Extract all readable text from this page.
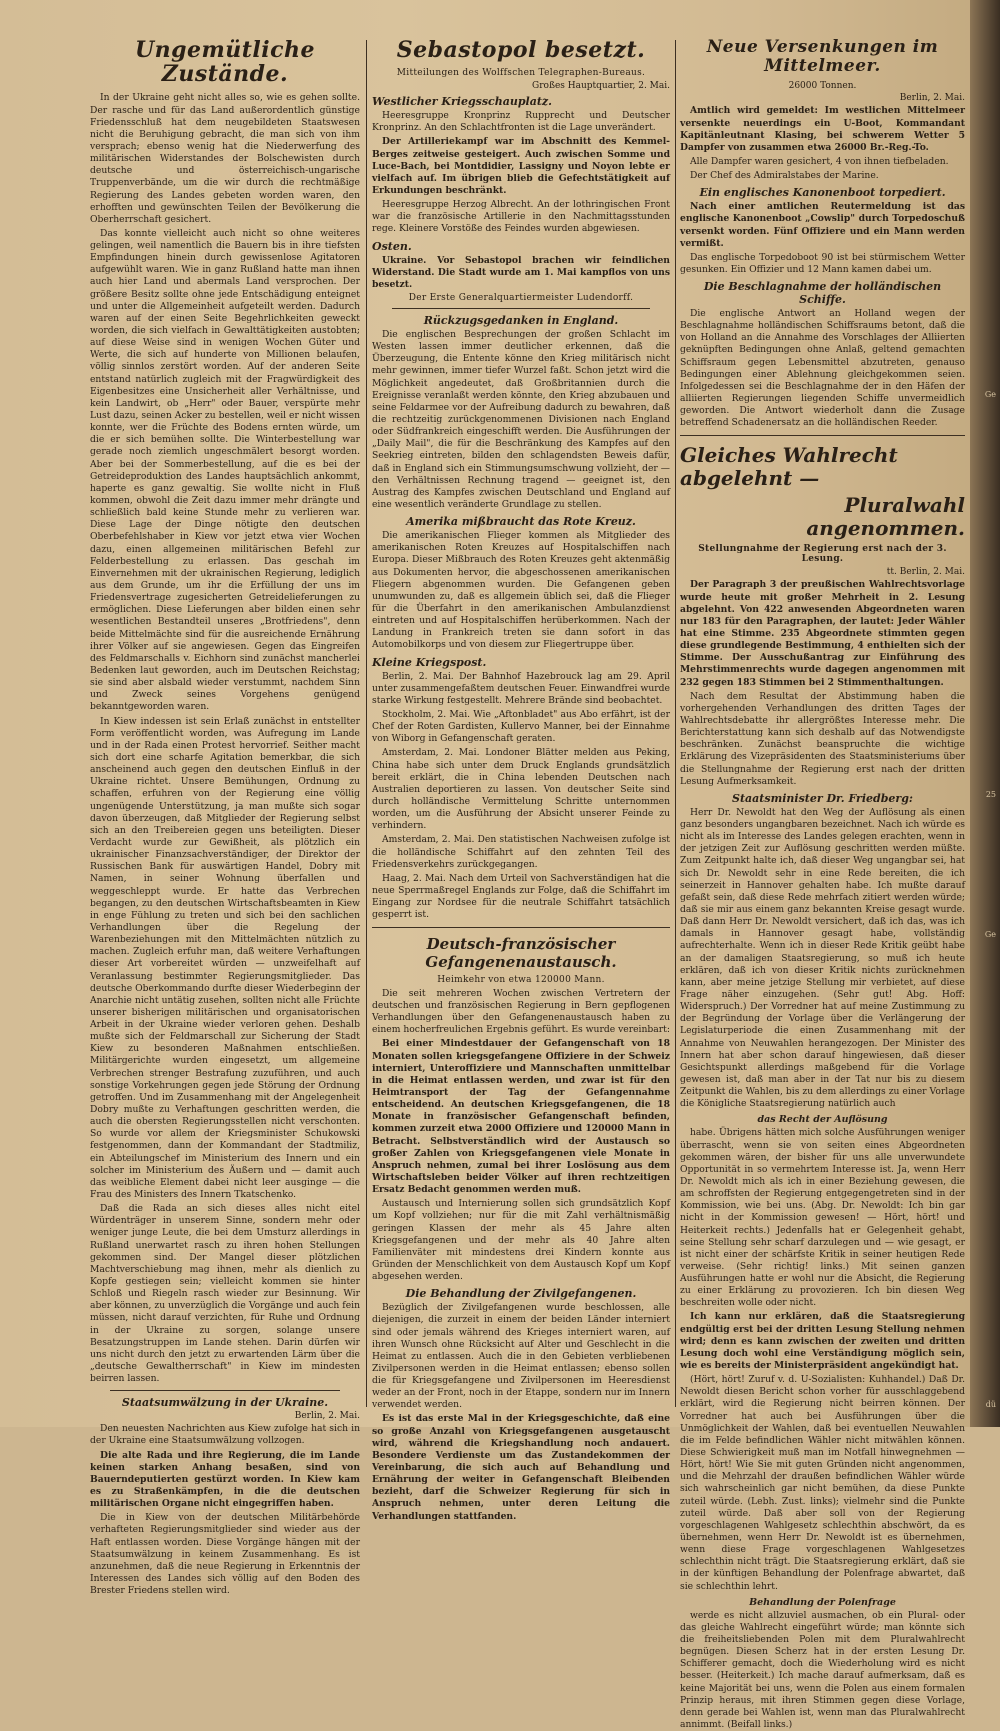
Ungemütliche Zustände.

In der Ukraine geht nicht alles so, wie es gehen sollte. Der rasche und für das Land außerordentlich günstige Friedensschluß hat dem neugebildeten Staatswesen nicht die Beruhigung gebracht, die man sich von ihm versprach; ebenso wenig hat die Niederwerfung des militärischen Widerstandes der Bolschewisten durch deutsche und österreichisch-ungarische Truppenverbände, um die wir durch die rechtmäßige Regierung des Landes gebeten worden waren, den erhofften und gewünschten Teilen der Bevölkerung die Oberherrschaft gesichert.

Das konnte vielleicht auch nicht so ohne weiteres gelingen, weil namentlich die Bauern bis in ihre tiefsten Empfindungen hinein durch gewissenlose Agitatoren aufgewühlt waren. Wie in ganz Rußland hatte man ihnen auch hier Land und abermals Land versprochen. Der größere Besitz sollte ohne jede Entschädigung enteignet und unter die Allgemeinheit aufgeteilt werden. Dadurch waren auf der einen Seite Begehrlichkeiten geweckt worden, die sich vielfach in Gewalttätigkeiten austobten; auf diese Weise sind in wenigen Wochen Güter und Werte, die sich auf hunderte von Millionen belaufen, völlig sinnlos zerstört worden. Auf der anderen Seite entstand natürlich zugleich mit der Fragwürdigkeit des Eigenbesitzes eine Unsicherheit aller Verhältnisse, und kein Landwirt, ob „Herr" oder Bauer, verspürte mehr Lust dazu, seinen Acker zu bestellen, weil er nicht wissen konnte, wer die Früchte des Bodens ernten würde, um die er sich bemühen sollte. Die Winterbestellung war gerade noch ziemlich ungeschmälert besorgt worden. Aber bei der Sommerbestellung, auf die es bei der Getreideproduktion des Landes hauptsächlich ankommt, haperte es ganz gewaltig. Sie wollte nicht in Fluß kommen, obwohl die Zeit dazu immer mehr drängte und schließlich bald keine Stunde mehr zu verlieren war. Diese Lage der Dinge nötigte den deutschen Oberbefehlshaber in Kiew vor jetzt etwa vier Wochen dazu, einen allgemeinen militärischen Befehl zur Felderbestellung zu erlassen. Das geschah im Einvernehmen mit der ukrainischen Regierung, lediglich aus dem Grunde, um ihr die Erfüllung der uns im Friedensvertrage zugesicherten Getreidelieferungen zu ermöglichen. Diese Lieferungen aber bilden einen sehr wesentlichen Bestandteil unseres „Brotfriedens", denn beide Mittelmächte sind für die ausreichende Ernährung ihrer Völker auf sie angewiesen. Gegen das Eingreifen des Feldmarschalls v. Eichhorn sind zunächst mancherlei Bedenken laut geworden, auch im Deutschen Reichstag; sie sind aber alsbald wieder verstummt, nachdem Sinn und Zweck seines Vorgehens genügend bekanntgeworden waren.

In Kiew indessen ist sein Erlaß zunächst in entstellter Form veröffentlicht worden, was Aufregung im Lande und in der Rada einen Protest hervorrief. Seither macht sich dort eine scharfe Agitation bemerkbar, die sich anscheinend auch gegen den deutschen Einfluß in der Ukraine richtet. Unsere Bemühungen, Ordnung zu schaffen, erfuhren von der Regierung eine völlig ungenügende Unterstützung, ja man mußte sich sogar davon überzeugen, daß Mitglieder der Regierung selbst sich an den Treibereien gegen uns beteiligten. Dieser Verdacht wurde zur Gewißheit, als plötzlich ein ukrainischer Finanzsachverständiger, der Direktor der Russischen Bank für auswärtigen Handel, Dobry mit Namen, in seiner Wohnung überfallen und weggeschleppt wurde. Er hatte das Verbrechen begangen, zu den deutschen Wirtschaftsbeamten in Kiew in enge Fühlung zu treten und sich bei den sachlichen Verhandlungen über die Regelung der Warenbeziehungen mit den Mittelmächten nützlich zu machen. Zugleich erfuhr man, daß weitere Verhaftungen dieser Art vorbereitet würden — unzweifelhaft auf Veranlassung bestimmter Regierungsmitglieder. Das deutsche Oberkommando durfte dieser Wiederbeginn der Anarchie nicht untätig zusehen, sollten nicht alle Früchte unserer bisherigen militärischen und organisatorischen Arbeit in der Ukraine wieder verloren gehen. Deshalb mußte sich der Feldmarschall zur Sicherung der Stadt Kiew zu besonderen Maßnahmen entschließen. Militärgerichte wurden eingesetzt, um allgemeine Verbrechen strenger Bestrafung zuzuführen, und auch sonstige Vorkehrungen gegen jede Störung der Ordnung getroffen. Und im Zusammenhang mit der Angelegenheit Dobry mußte zu Verhaftungen geschritten werden, die auch die obersten Regierungsstellen nicht verschonten. So wurde vor allem der Kriegsminister Schukowski festgenommen, dann der Kommandant der Stadtmiliz, ein Abteilungschef im Ministerium des Innern und ein solcher im Ministerium des Äußern und — damit auch das weibliche Element dabei nicht leer ausginge — die Frau des Ministers des Innern Tkatschenko.

Daß die Rada an sich dieses alles nicht eitel Würdenträger in unserem Sinne, sondern mehr oder weniger junge Leute, die bei dem Umsturz allerdings in Rußland unerwartet rasch zu ihren hohen Stellungen gekommen sind. Der Mangel dieser plötzlichen Machtverschiebung mag ihnen, mehr als dienlich zu Kopfe gestiegen sein; vielleicht kommen sie hinter Schloß und Riegeln rasch wieder zur Besinnung. Wir aber können, zu unverzüglich die Vorgänge und auch fein müssen, nicht darauf verzichten, für Ruhe und Ordnung in der Ukraine zu sorgen, solange unsere Besatzungstruppen im Lande stehen. Darin dürfen wir uns nicht durch den jetzt zu erwartenden Lärm über die „deutsche Gewaltherrschaft" in Kiew im mindesten beirren lassen.

Staatsumwälzung in der Ukraine.
Berlin, 2. Mai.

Den neuesten Nachrichten aus Kiew zufolge hat sich in der Ukraine eine Staatsumwälzung vollzogen.

Die alte Rada und ihre Regierung, die im Lande keinen starken Anhang besaßen, sind von Bauerndeputierten gestürzt worden. In Kiew kam es zu Straßenkämpfen, in die die deutschen militärischen Organe nicht eingegriffen haben.

Die in Kiew von der deutschen Militärbehörde verhafteten Regierungsmitglieder sind wieder aus der Haft entlassen worden. Diese Vorgänge hängen mit der Staatsumwälzung in keinem Zusammenhang. Es ist anzunehmen, daß die neue Regierung in Erkenntnis der Interessen des Landes sich völlig auf den Boden des Brester Friedens stellen wird.

Sebastopol besetzt.
Mitteilungen des Wolffschen Telegraphen-Bureaus.
Großes Hauptquartier, 2. Mai.
Westlicher Kriegsschauplatz.

Heeresgruppe Kronprinz Rupprecht und Deutscher Kronprinz. An den Schlachtfronten ist die Lage unverändert.

Der Artilleriekampf war im Abschnitt des Kemmel-Berges zeitweise gesteigert. Auch zwischen Somme und Luce-Bach, bei Montdidier, Lassigny und Noyon lebte er vielfach auf. Im übrigen blieb die Gefechtstätigkeit auf Erkundungen beschränkt.

Heeresgruppe Herzog Albrecht. An der lothringischen Front war die französische Artillerie in den Nachmittagsstunden rege. Kleinere Vorstöße des Feindes wurden abgewiesen.

Osten.

Ukraine. Vor Sebastopol brachen wir feindlichen Widerstand. Die Stadt wurde am 1. Mai kampflos von uns besetzt.

Der Erste Generalquartiermeister Ludendorff.
Rückzugsgedanken in England.

Die englischen Besprechungen der großen Schlacht im Westen lassen immer deutlicher erkennen, daß die Überzeugung, die Entente könne den Krieg militärisch nicht mehr gewinnen, immer tiefer Wurzel faßt. Schon jetzt wird die Möglichkeit angedeutet, daß Großbritannien durch die Ereignisse veranlaßt werden könnte, den Krieg abzubauen und seine Feldarmee vor der Aufreibung dadurch zu bewahren, daß die rechtzeitig zurückgenommenen Divisionen nach England oder Südfrankreich eingeschifft werden. Die Ausführungen der „Daily Mail", die für die Beschränkung des Kampfes auf den Seekrieg eintreten, bilden den schlagendsten Beweis dafür, daß in England sich ein Stimmungsumschwung vollzieht, der — den Verhältnissen Rechnung tragend — geeignet ist, den Austrag des Kampfes zwischen Deutschland und England auf eine wesentlich veränderte Grundlage zu stellen.

Amerika mißbraucht das Rote Kreuz.

Die amerikanischen Flieger kommen als Mitglieder des amerikanischen Roten Kreuzes auf Hospitalschiffen nach Europa. Dieser Mißbrauch des Roten Kreuzes geht aktenmäßig aus Dokumenten hervor, die abgeschossenen amerikanischen Fliegern abgenommen wurden. Die Gefangenen geben unumwunden zu, daß es allgemein üblich sei, daß die Flieger für die Überfahrt in den amerikanischen Ambulanzdienst eintreten und auf Hospitalschiffen herüberkommen. Nach der Landung in Frankreich treten sie dann sofort in das Automobilkorps und von diesem zur Fliegertruppe über.

Kleine Kriegspost.

Berlin, 2. Mai. Der Bahnhof Hazebrouck lag am 29. April unter zusammengefaßtem deutschen Feuer. Einwandfrei wurde starke Wirkung festgestellt. Mehrere Brände sind beobachtet.

Stockholm, 2. Mai. Wie „Aftonbladet" aus Abo erfährt, ist der Chef der Roten Gardisten, Kullervo Manner, bei der Einnahme von Wiborg in Gefangenschaft geraten.

Amsterdam, 2. Mai. Londoner Blätter melden aus Peking, China habe sich unter dem Druck Englands grundsätzlich bereit erklärt, die in China lebenden Deutschen nach Australien deportieren zu lassen. Von deutscher Seite sind durch holländische Vermittelung Schritte unternommen worden, um die Ausführung der Absicht unserer Feinde zu verhindern.

Amsterdam, 2. Mai. Den statistischen Nachweisen zufolge ist die holländische Schiffahrt auf den zehnten Teil des Friedensverkehrs zurückgegangen.

Haag, 2. Mai. Nach dem Urteil von Sachverständigen hat die neue Sperrmaßregel Englands zur Folge, daß die Schiffahrt im Eingang zur Nordsee für die neutrale Schiffahrt tatsächlich gesperrt ist.

Deutsch-französischer Gefangenenaustausch.
Heimkehr von etwa 120000 Mann.

Die seit mehreren Wochen zwischen Vertretern der deutschen und französischen Regierung in Bern gepflogenen Verhandlungen über den Gefangenenaustausch haben zu einem hocherfreulichen Ergebnis geführt. Es wurde vereinbart:

Bei einer Mindestdauer der Gefangenschaft von 18 Monaten sollen kriegsgefangene Offiziere in der Schweiz interniert, Unteroffiziere und Mannschaften unmittelbar in die Heimat entlassen werden, und zwar ist für den Heimtransport der Tag der Gefangennahme entscheidend. An deutschen Kriegsgefangenen, die 18 Monate in französischer Gefangenschaft befinden, kommen zurzeit etwa 2000 Offiziere und 120000 Mann in Betracht. Selbstverständlich wird der Austausch so großer Zahlen von Kriegsgefangenen viele Monate in Anspruch nehmen, zumal bei ihrer Loslösung aus dem Wirtschaftsleben beider Völker auf ihren rechtzeitigen Ersatz Bedacht genommen werden muß.

Austausch und Internierung sollen sich grundsätzlich Kopf um Kopf vollziehen; nur für die mit Zahl verhältnismäßig geringen Klassen der mehr als 45 Jahre alten Kriegsgefangenen und der mehr als 40 Jahre alten Familienväter mit mindestens drei Kindern konnte aus Gründen der Menschlichkeit von dem Austausch Kopf um Kopf abgesehen werden.

Die Behandlung der Zivilgefangenen.

Bezüglich der Zivilgefangenen wurde beschlossen, alle diejenigen, die zurzeit in einem der beiden Länder interniert sind oder jemals während des Krieges interniert waren, auf ihren Wunsch ohne Rücksicht auf Alter und Geschlecht in die Heimat zu entlassen. Auch die in den Gebieten verbliebenen Zivilpersonen werden in die Heimat entlassen; ebenso sollen die für Kriegsgefangene und Zivilpersonen im Heeresdienst weder an der Front, noch in der Etappe, sondern nur im Innern verwendet werden.

Es ist das erste Mal in der Kriegsgeschichte, daß eine so große Anzahl von Kriegsgefangenen ausgetauscht wird, während die Kriegshandlung noch andauert. Besondere Verdienste um das Zustandekommen der Vereinbarung, die sich auch auf Behandlung und Ernährung der weiter in Gefangenschaft Bleibenden bezieht, darf die Schweizer Regierung für sich in Anspruch nehmen, unter deren Leitung die Verhandlungen stattfanden.

Neue Versenkungen im Mittelmeer.
26000 Tonnen.
Berlin, 2. Mai.

Amtlich wird gemeldet: Im westlichen Mittelmeer versenkte neuerdings ein U-Boot, Kommandant Kapitänleutnant Klasing, bei schwerem Wetter 5 Dampfer von zusammen etwa 26000 Br.-Reg.-To.

Alle Dampfer waren gesichert, 4 von ihnen tiefbeladen.

Der Chef des Admiralstabes der Marine.

Ein englisches Kanonenboot torpediert.

Nach einer amtlichen Reutermeldung ist das englische Kanonenboot „Cowslip" durch Torpedoschuß versenkt worden. Fünf Offiziere und ein Mann werden vermißt.

Das englische Torpedoboot 90 ist bei stürmischem Wetter gesunken. Ein Offizier und 12 Mann kamen dabei um.

Die Beschlagnahme der holländischen Schiffe.

Die englische Antwort an Holland wegen der Beschlagnahme holländischen Schiffsraums betont, daß die von Holland an die Annahme des Vorschlages der Alliierten geknüpften Bedingungen ohne Anlaß, geltend gemachten Schiffsraum gegen Lebensmittel abzutreten, genauso Bedingungen einer Ablehnung gleichgekommen seien. Infolgedessen sei die Beschlagnahme der in den Häfen der alliierten Regierungen liegenden Schiffe unvermeidlich geworden. Die Antwort wiederholt dann die Zusage betreffend Schadenersatz an die holländischen Reeder.

Gleiches Wahlrecht abgelehnt —
Pluralwahl angenommen.
Stellungnahme der Regierung erst nach der 3. Lesung.
tt. Berlin, 2. Mai.

Der Paragraph 3 der preußischen Wahlrechtsvorlage wurde heute mit großer Mehrheit in 2. Lesung abgelehnt. Von 422 anwesenden Abgeordneten waren nur 183 für den Paragraphen, der lautet: Jeder Wähler hat eine Stimme. 235 Abgeordnete stimmten gegen diese grundlegende Bestimmung, 4 enthielten sich der Stimme. Der Ausschußantrag zur Einführung des Mehrstimmenrechts wurde dagegen angenommen mit 232 gegen 183 Stimmen bei 2 Stimmenthaltungen.

Nach dem Resultat der Abstimmung haben die vorhergehenden Verhandlungen des dritten Tages der Wahlrechtsdebatte ihr allergrößtes Interesse mehr. Die Berichterstattung kann sich deshalb auf das Notwendigste beschränken. Zunächst beanspruchte die wichtige Erklärung des Vizepräsidenten des Staatsministeriums über die Stellungnahme der Regierung erst nach der dritten Lesung Aufmerksamkeit.

Staatsminister Dr. Friedberg:

Herr Dr. Newoldt hat den Weg der Auflösung als einen ganz besonders ungangbaren bezeichnet. Nach ich würde es nicht als im Interesse des Landes gelegen erachten, wenn in der jetzigen Zeit zur Auflösung geschritten werden müßte. Zum Zeitpunkt halte ich, daß dieser Weg ungangbar sei, hat sich Dr. Newoldt sehr in eine Rede bereiten, die ich seinerzeit in Hannover gehalten habe. Ich mußte darauf gefaßt sein, daß diese Rede mehrfach zitiert werden würde; daß sie mir aus einem ganz bekannten Kreise gesagt wurde. Daß dann Herr Dr. Newoldt versichert, daß ich das, was ich damals in Hannover gesagt habe, vollständig aufrechterhalte. Wenn ich in dieser Rede Kritik geübt habe an der damaligen Staatsregierung, so muß ich heute erklären, daß ich von dieser Kritik nichts zurücknehmen kann, aber meine jetzige Stellung mir verbietet, auf diese Frage näher einzugehen. (Sehr gut! Abg. Hoff: Widerspruch.) Der Vorredner hat auf meine Zustimmung zu der Begründung der Vorlage über die Verlängerung der Legislaturperiode die einen Zusammenhang mit der Annahme von Neuwahlen herangezogen. Der Minister des Innern hat aber schon darauf hingewiesen, daß dieser Gesichtspunkt allerdings maßgebend für die Vorlage gewesen ist, daß man aber in der Tat nur bis zu diesem Zeitpunkt die Wahlen, bis zu dem allerdings zu einer Vorlage die Königliche Staatsregierung natürlich auch

das Recht der Auflösung

habe. Übrigens hätten mich solche Ausführungen weniger überrascht, wenn sie von seiten eines Abgeordneten gekommen wären, der bisher für uns alle unverwundete Opportunität in so vermehrtem Interesse ist. Ja, wenn Herr Dr. Newoldt mich als ich in einer Beziehung gewesen, die am schroffsten der Regierung entgegengetreten sind in der Kommission, wie bei uns. (Abg. Dr. Newoldt: Ich bin gar nicht in der Kommission gewesen! — Hört, hört! und Heiterkeit rechts.) Jedenfalls hat er Gelegenheit gehabt, seine Stellung sehr scharf darzulegen und — wie gesagt, er ist nicht einer der schärfste Kritik in seiner heutigen Rede verweise. (Sehr richtig! links.) Mit seinen ganzen Ausführungen hatte er wohl nur die Absicht, die Regierung zu einer Erklärung zu provozieren. Ich bin diesen Weg beschreiten wolle oder nicht.

Ich kann nur erklären, daß die Staatsregierung endgültig erst bei der dritten Lesung Stellung nehmen wird; denn es kann zwischen der zweiten und dritten Lesung doch wohl eine Verständigung möglich sein, wie es bereits der Ministerpräsident angekündigt hat.

(Hört, hört! Zuruf v. d. U-Sozialisten: Kuhhandel.) Daß Dr. Newoldt diesen Bericht schon vorher für ausschlaggebend erklärt, wird die Regierung nicht beirren können. Der Vorredner hat auch bei Ausführungen über die Unmöglichkeit der Wahlen, daß bei eventuellen Neuwahlen die im Felde befindlichen Wähler nicht mitwählen können. Diese Schwierigkeit muß man im Notfall hinwegnehmen — Hört, hört! Wie Sie mit guten Gründen nicht angenommen, und die Mehrzahl der draußen befindlichen Wähler würde sich wahrscheinlich gar nicht bemühen, da diese Punkte zuteil würde. (Lebh. Zust. links); vielmehr sind die Punkte zuteil würde. Daß aber soll von der Regierung vorgeschlagenen Wahlgesetz schlechthin abschwört, da es übernehmen, wenn Herr Dr. Newoldt ist es übernehmen, wenn diese Frage vorgeschlagenen Wahlgesetzes schlechthin nicht trägt. Die Staatsregierung erklärt, daß sie in der künftigen Behandlung der Polenfrage abwartet, daß sie schlechthin lehrt.

Behandlung der Polenfrage

werde es nicht allzuviel ausmachen, ob ein Plural- oder das gleiche Wahlrecht eingeführt würde; man könnte sich die freiheitsliebenden Polen mit dem Pluralwahlrecht begnügen. Diesen Scherz hat in der ersten Lesung Dr. Schifferer gemacht, doch die Wiederholung wird es nicht besser. (Heiterkeit.) Ich mache darauf aufmerksam, daß es keine Majorität bei uns, wenn die Polen aus einem formalen Prinzip heraus, mit ihren Stimmen gegen diese Vorlage, denn gerade bei Wahlen ist, wenn man das Pluralwahlrecht annimmt. (Beifall links.)

Ge
25
Ge
dü
